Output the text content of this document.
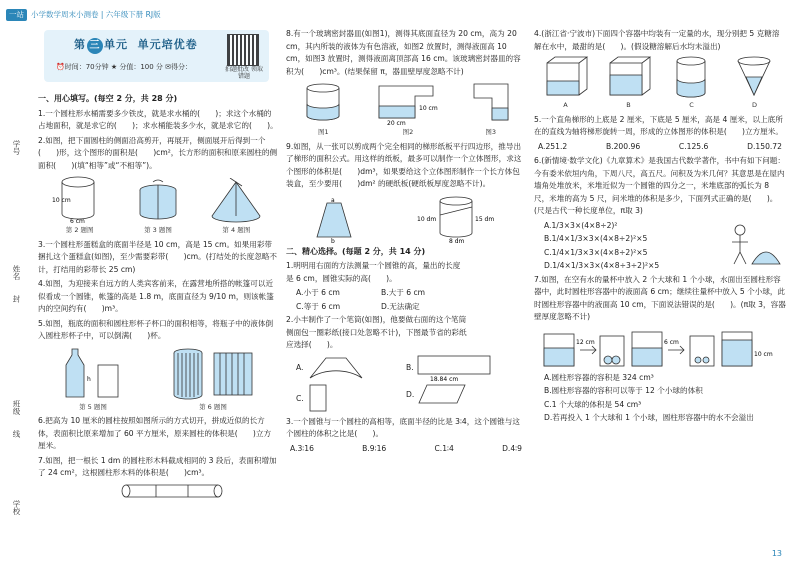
一站 小学数学周末小测卷 | 六年级下册 RJ版
第 三 单元 单元培优卷
⏰时间：70分钟 ★ 分值：100 分 ✉得分：	拍题批改 领取错题
学号
姓名
封
班级
线
学校
一、用心填写。(每空 2 分，共 28 分)

1.一个圆柱形水桶需要多少铁皮，就是求水桶的(　　)；求这个水桶的占地面积，就是求它的(　　)；求水桶能装多少水，就是求它的(　　)。

2.如图，把下面圆柱的侧面沿高剪开，再展开，侧面展开后得到一个(　　)形，这个图形的面积是(　　)cm²，长方形的面积和原来圆柱的侧面积(　　)(填“相等”或“不相等”)。

10 cm
6 cm
第 2 题图	第 3 题图	第 4 题图

3.一个圆柱形蛋糕盒的底面半径是 10 cm，高是 15 cm。如果用彩带捆扎这个蛋糕盒(如图)，至少需要彩带(　　)cm。(打结处的长度忽略不计，打结用的彩带长 25 cm)

4.如图，为迎接来自远方的人类宾客前来，在露营地所搭的帐篷可以近似看成一个圆锥，帐篷的高是 1.8 m，底面直径为 9/10 m，则该帐篷内的空间约有(　　)m³。

5.如图，瓶底的面积和圆柱形杯子杯口的面积相等，将瓶子中的液体倒入圆柱形杯子中，可以倒满(　　)杯。

h
第 5 题图	第 6 题图

6.把高为 10 厘米的圆柱按照如图所示的方式切开，拼成近似的长方体，表面积比原来增加了 60 平方厘米，原来圆柱的体积是(　　)立方厘米。

7.如图，把一根长 1 dm 的圆柱形木料截成相同的 3 段后，表面积增加了 24 cm²，这根圆柱形木料的体积是(　　)cm³。

8.有一个玻璃密封器皿(如图1)，测得其底面直径为 20 cm，高为 20 cm，其内所装的液体为有色溶液，如图2 放置时，测得液面高 10 cm，如图3 放置时，测得液面离顶部高 16 cm。该玻璃密封器皿的容积为(　　)cm³。(结果保留 π，器皿壁厚度忽略不计)

图1
20 cm
10 cm
图2	图3

9.如图，从一张可以剪成两个完全相同的梯形纸板平行四边形，推导出了梯形的面积公式。用这样的纸板，最多可以制作一个立体图形，求这个图形的体积是(　　)dm³，如果要给这个立体图形制作一个长方体包装盒，至少要用(　　)dm² 的硬纸板(硬纸板厚度忽略不计)。

a
b
10 dm
8 dm
15 dm
二、精心选择。(每题 2 分，共 14 分)

1.明明用右面的方法测量一个圆锥的高，量出的长度是 6 cm，圆锥实际的高(　　)。

A.小于 6 cm	B.大于 6 cm
C.等于 6 cm	D.无法确定

2.小丰制作了一个笔筒(如图)，他要做右面的这个笔筒侧面包一圈彩纸(接口处忽略不计)，下图最节省的彩纸应选择(　　)。

A.	B.
18.84 cm
C.	D.

3.一个圆锥与一个圆柱的高相等，底面半径的比是 3∶4，这个圆锥与这个圆柱的体积之比是(　　)。

A.3∶16	B.9∶16	C.1∶4	D.4∶9

4.(浙江省·宁波市)下面四个容器中均装有一定量的水，现分别把 5 克糖溶解在水中，最甜的是(　　)。(假设糖溶解后水均未溢出)

A	B	C	D

5.一个直角梯形的上底是 2 厘米，下底是 5 厘米，高是 4 厘米，以上底所在的直线为轴将梯形旋转一周，形成的立体图形的体积是(　　)立方厘米。

A.251.2	B.200.96	C.125.6	D.150.72

6.(新情境·数学文化)《九章算术》是我国古代数学著作，书中有如下问题：今有委米依垣内角，下周八尺，高五尺。问积及为米几何？其意思是在屋内墙角处堆放米，米堆近似为一个圆锥的四分之一，米堆底部的弧长为 8 尺，米堆的高为 5 尺，问米堆的体积是多少，下面列式正确的是(　　)。(尺是古代一种长度单位，π取 3)

A.1/3×3×(4×8÷2)²
B.1/4×1/3×3×(4×8÷2)²×5
C.1/4×1/3×3×(4×8÷2)²×5
D.1/4×1/3×3×(4×8÷3÷2)²×5

7.如图，在空有水的量杯中放入 2 个大球和 1 个小球，水面出至圆柱形容器中，此时圆柱形容器中的液面高 6 cm；继续往量杯中放入 5 个小球，此时圆柱形容器中的液面高 10 cm，下面说法错误的是(　　)。(π取 3，容器壁厚度忽略不计)

12 cm	6 cm
10 cm
A.圆柱形容器的容积是 324 cm³
B.圆柱形容器的容积可以等于 12 个小球的体积
C.1 个大球的体积是 54 cm³
D.若再投入 1 个大球和 1 个小球，圆柱形容器中的水不会溢出
13
